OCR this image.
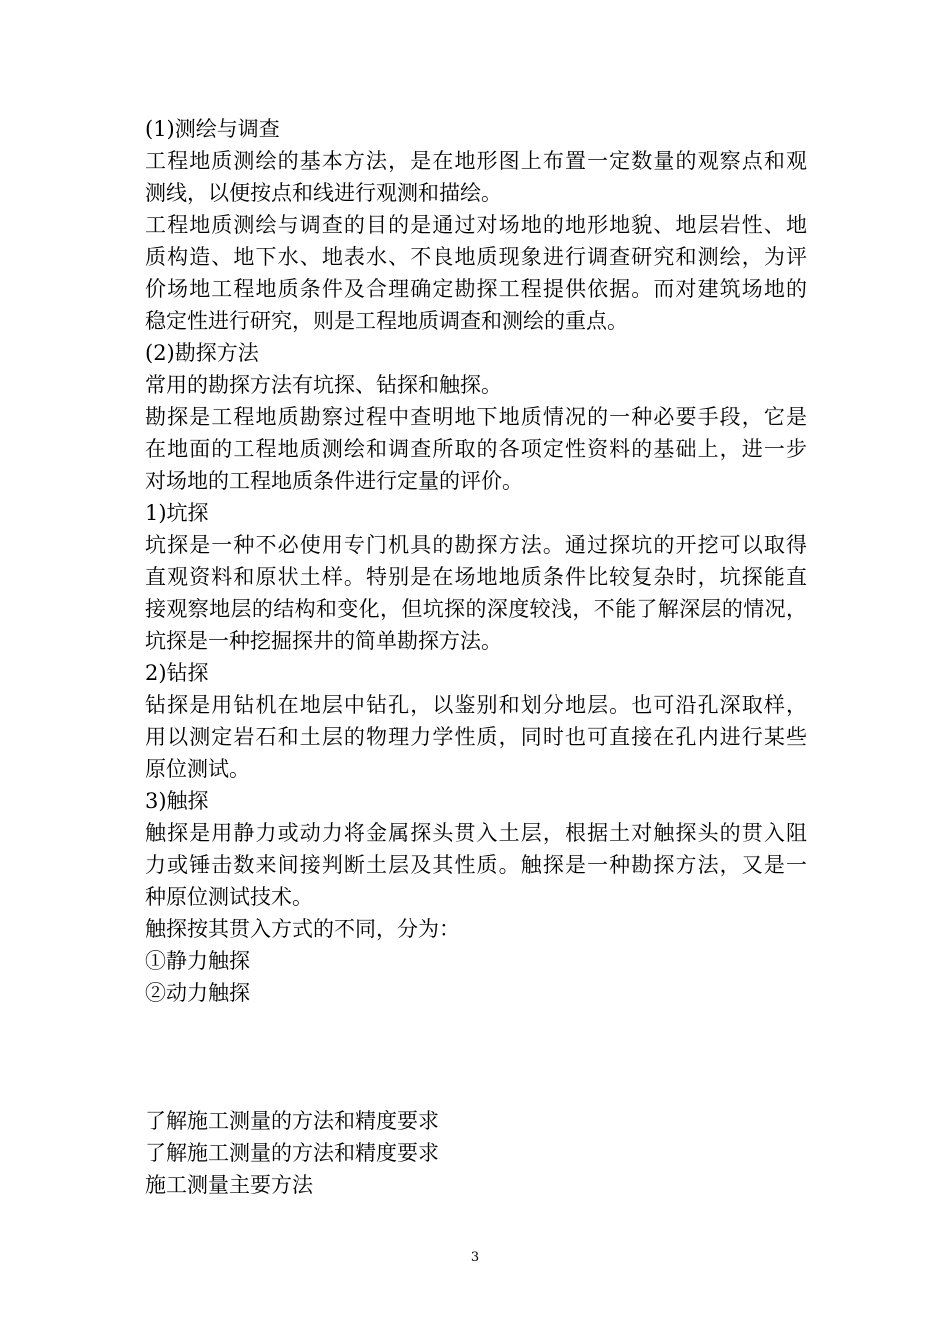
(1)测绘与调查
工程地质测绘的基本方法，是在地形图上布置一定数量的观察点和观
测线，以便按点和线进行观测和描绘。
工程地质测绘与调查的目的是通过对场地的地形地貌、地层岩性、地
质构造、地下水、地表水、不良地质现象进行调查研究和测绘，为评
价场地工程地质条件及合理确定勘探工程提供依据。而对建筑场地的
稳定性进行研究，则是工程地质调查和测绘的重点。
(2)勘探方法
常用的勘探方法有坑探、钻探和触探。
勘探是工程地质勘察过程中查明地下地质情况的一种必要手段，它是
在地面的工程地质测绘和调查所取的各项定性资料的基础上，进一步
对场地的工程地质条件进行定量的评价。
1)坑探
坑探是一种不必使用专门机具的勘探方法。通过探坑的开挖可以取得
直观资料和原状土样。特别是在场地地质条件比较复杂时，坑探能直
接观察地层的结构和变化，但坑探的深度较浅，不能了解深层的情况，
坑探是一种挖掘探井的简单勘探方法。
2)钻探
钻探是用钻机在地层中钻孔，以鉴别和划分地层。也可沿孔深取样，
用以测定岩石和土层的物理力学性质，同时也可直接在孔内进行某些
原位测试。
3)触探
触探是用静力或动力将金属探头贯入土层，根据土对触探头的贯入阻
力或锤击数来间接判断土层及其性质。触探是一种勘探方法，又是一
种原位测试技术。
触探按其贯入方式的不同，分为：
①静力触探
②动力触探
了解施工测量的方法和精度要求
了解施工测量的方法和精度要求
施工测量主要方法
3
